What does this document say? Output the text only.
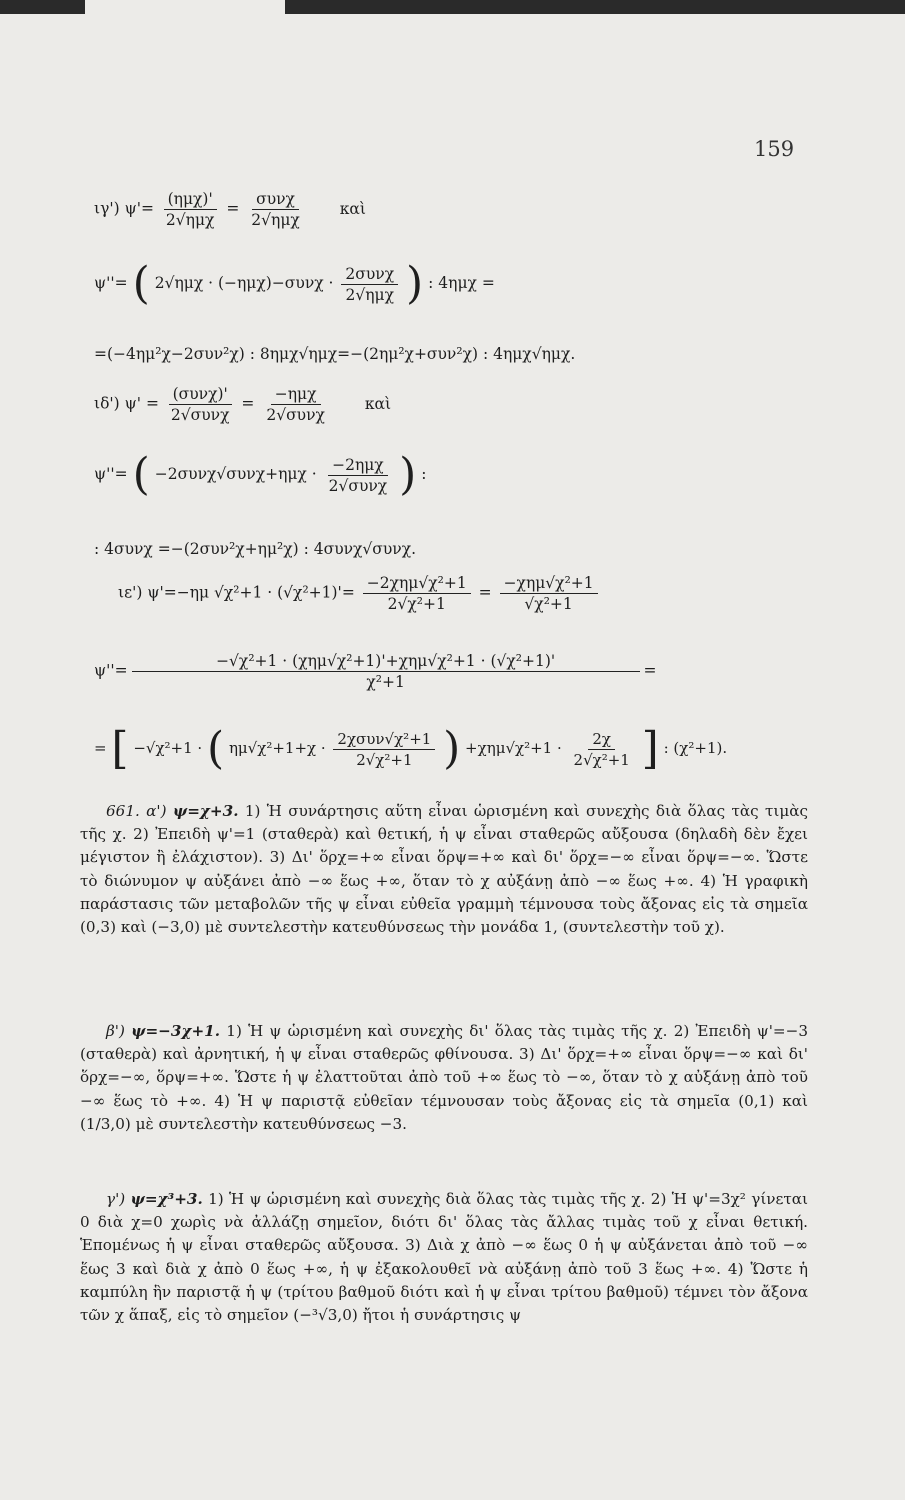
159
ιγ') $\psi'= \frac{\text{(ημχ)'}}{\text{2√ημχ}} = \frac{\text{συνχ}}{\text{2√ημχ}}$ καὶ
ψ''= ( $2√\eta\mu\chi \cdot (-\eta\mu\chi)-\sigma\upsilon\nu\chi \cdot \frac{\text{2συνχ}}{\text{2√ημχ}}$ ) : 4ημχ =
=(−4ημ²χ−2συν²χ) : 8ημχ√ημχ=−(2ημ²χ+συν²χ) : 4ημχ√ημχ.
ιδ') $\psi' = \frac{\text{(συνχ)'}}{\text{2√συνχ}} = \frac{\text{−ημχ}}{\text{2√συνχ}}$ καὶ
ψ''= ( $-2\sigma\upsilon\nu\chi√\sigma\upsilon\nu\chi+\eta\mu\chi \cdot \frac{\text{−2ημχ}}{\text{2√συνχ}}$ ) :
: 4συνχ =−(2συν²χ+ημ²χ) : 4συνχ√συνχ.
ιε') ψ'=−ημ $√\chi^2+1 \cdot (√\chi^2+1)'= \frac{\text{−2χημ√χ²+1}}{\text{2√χ²+1}} = \frac{\text{−χημ√χ²+1}}{\text{√χ²+1}}$
$\psi''= \frac{\text{−√χ²+1 · (χημ√χ²+1)'+χημ√χ²+1 · (√χ²+1)'}}{\text{χ²+1}}$ =
= [ −√χ²+1 · ( $\eta\mu√\chi^2+1+\chi \cdot \frac{\text{2χσυν√χ²+1}}{\text{2√χ²+1}}$ ) $+\chi\eta\mu√\chi^2+1 \cdot \frac{2\chi}{\text{2√χ²+1}}$ ] : (χ²+1).

661. α') ψ=χ+3. 1) Ἡ συνάρτησις αὕτη εἶναι ὡρισμένη καὶ συνεχὴς διὰ ὅλας τὰς τιμὰς τῆς χ. 2) Ἐπειδὴ ψ'=1 (σταθερὰ) καὶ θετική, ἡ ψ εἶναι σταθερῶς αὔξουσα (δηλαδὴ δὲν ἔχει μέγιστον ἢ ἐλάχιστον). 3) Δι' ὅρχ=+∞ εἶναι ὅρψ=+∞ καὶ δι' ὅρχ=−∞ εἶναι ὅρψ=−∞. Ὥστε τὸ διώνυμον ψ αὐξάνει ἀπὸ −∞ ἕως +∞, ὅταν τὸ χ αὐξάνῃ ἀπὸ −∞ ἕως +∞. 4) Ἡ γραφικὴ παράστασις τῶν μεταβολῶν τῆς ψ εἶναι εὐθεῖα γραμμὴ τέμνουσα τοὺς ἄξονας εἰς τὰ σημεῖα (0,3) καὶ (−3,0) μὲ συντελεστὴν κατευθύνσεως τὴν μονάδα 1, (συντελεστὴν τοῦ χ).

β') ψ=−3χ+1. 1) Ἡ ψ ὡρισμένη καὶ συνεχὴς δι' ὅλας τὰς τιμὰς τῆς χ. 2) Ἐπειδὴ ψ'=−3 (σταθερὰ) καὶ ἀρνητική, ἡ ψ εἶναι σταθερῶς φθίνουσα. 3) Δι' ὅρχ=+∞ εἶναι ὅρψ=−∞ καὶ δι' ὅρχ=−∞, ὅρψ=+∞. Ὥστε ἡ ψ ἐλαττοῦται ἀπὸ τοῦ +∞ ἕως τὸ −∞, ὅταν τὸ χ αὐξάνῃ ἀπὸ τοῦ −∞ ἕως τὸ +∞. 4) Ἡ ψ παριστᾷ εὐθεῖαν τέμνουσαν τοὺς ἄξονας εἰς τὰ σημεῖα (0,1) καὶ (1/3,0) μὲ συντελεστὴν κατευθύνσεως −3.

γ') ψ=χ³+3. 1) Ἡ ψ ὡρισμένη καὶ συνεχὴς διὰ ὅλας τὰς τιμὰς τῆς χ. 2) Ἡ ψ'=3χ² γίνεται 0 διὰ χ=0 χωρὶς νὰ ἀλλάζῃ σημεῖον, διότι δι' ὅλας τὰς ἄλλας τιμὰς τοῦ χ εἶναι θετική. Ἑπομένως ἡ ψ εἶναι σταθερῶς αὔξουσα. 3) Διὰ χ ἀπὸ −∞ ἕως 0 ἡ ψ αὐξάνεται ἀπὸ τοῦ −∞ ἕως 3 καὶ διὰ χ ἀπὸ 0 ἕως +∞, ἡ ψ ἐξακολουθεῖ νὰ αὐξάνῃ ἀπὸ τοῦ 3 ἕως +∞. 4) Ὥστε ἡ καμπύλη ἣν παριστᾷ ἡ ψ (τρίτου βαθμοῦ διότι καὶ ἡ ψ εἶναι τρίτου βαθμοῦ) τέμνει τὸν ἄξονα τῶν χ ἅπαξ, εἰς τὸ σημεῖον (−³√3,0) ἤτοι ἡ συνάρτησις ψ
